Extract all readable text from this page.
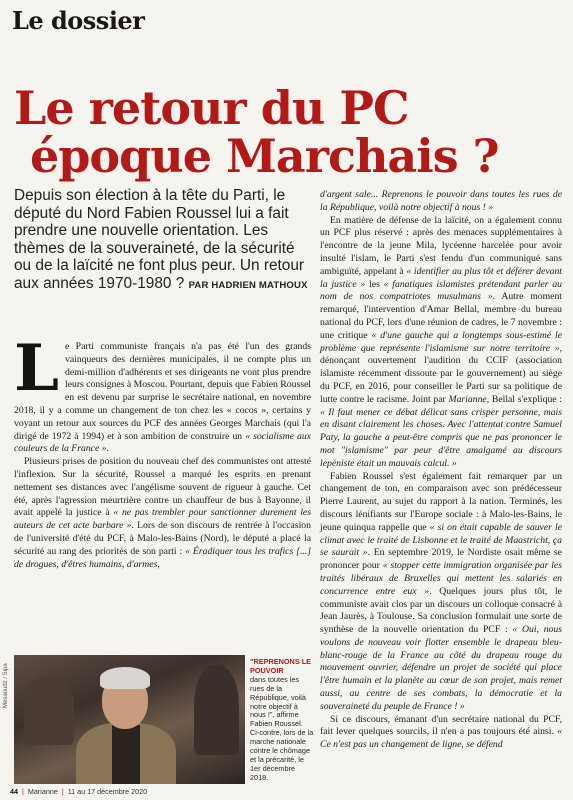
Le dossier
Le retour du PC
époque Marchais ?
Depuis son élection à la tête du Parti, le député du Nord Fabien Roussel lui a fait prendre une nouvelle orientation. Les thèmes de la souveraineté, de la sécurité ou de la laïcité ne font plus peur. Un retour aux années 1970-1980 ? PAR HADRIEN MATHOUX
L e Parti communiste français n'a pas été l'un des grands vainqueurs des dernières municipales, il ne compte plus un demi-million d'adhérents et ses dirigeants ne vont plus prendre leurs consignes à Moscou. Pourtant, depuis que Fabien Roussel en est devenu par surprise le secrétaire national, en novembre 2018, il y a comme un changement de ton chez les « cocos », certains y voyant un retour aux sources du PCF des années Georges Marchais (qui l'a dirigé de 1972 à 1994) et à son ambition de construire un « socialisme aux couleurs de la France ».

Plusieurs prises de position du nouveau chef des communistes ont attesté l'inflexion. Sur la sécurité, Roussel a marqué les esprits en prenant nettement ses distances avec l'angélisme souvent de rigueur à gauche. Cet été, après l'agression meurtrière contre un chauffeur de bus à Bayonne, il avait appelé la justice à « ne pas trembler pour sanctionner durement les auteurs de cet acte barbare ». Lors de son discours de rentrée à l'occasion de l'université d'été du PCF, à Malo-les-Bains (Nord), le député a placé la sécurité au rang des priorités de son parti : « Éradiquer tous les trafics [...] de drogues, d'êtres humains, d'armes,

d'argent sale... Reprenons le pouvoir dans toutes les rues de la République, voilà notre objectif à nous ! »

En matière de défense de la laïcité, on a également connu un PCF plus réservé : après des menaces supplémentaires à l'encontre de la jeune Mila, lycéenne harcelée pour avoir insulté l'islam, le Parti s'est fendu d'un communiqué sans ambiguïté, appelant à « identifier au plus tôt et déférer devant la justice » les « fanatiques islamistes prétendant parler au nom de nos compatriotes musulmans ». Autre moment remarqué, l'intervention d'Amar Bellal, membre du bureau national du PCF, lors d'une réunion de cadres, le 7 novembre : une critique « d'une gauche qui a longtemps sous-estimé le problème que représente l'islamisme sur notre territoire », dénonçant ouvertement l'audition du CCIF (association islamiste récemment dissoute par le gouvernement) au siège du PCF, en 2016, pour conseiller le Parti sur sa politique de lutte contre le racisme. Joint par Marianne, Bellal s'explique : « Il faut mener ce débat délicat sans crisper personne, mais en disant clairement les choses. Avec l'attentat contre Samuel Paty, la gauche a peut-être compris que ne pas prononcer le mot "islamisme" par peur d'être amalgamé au discours lepéniste était un mauvais calcul. »

Fabien Roussel s'est également fait remarquer par un changement de ton, en comparaison avec son prédécesseur Pierre Laurent, au sujet du rapport à la nation. Terminés, les discours lénifiants sur l'Europe sociale : à Malo-les-Bains, le jeune quinqua rappelle que « si on était capable de sauver le climat avec le traité de Lisbonne et le traité de Maastricht, ça se saurait ». En septembre 2019, le Nordiste osait même se prononcer pour « stopper cette immigration organisée par les traités libéraux de Bruxelles qui mettent les salariés en concurrence entre eux ». Quelques jours plus tôt, le communiste avait clos par un discours un colloque consacré à Jean Jaurès, à Toulouse. Sa conclusion formulait une sorte de synthèse de la nouvelle orientation du PCF : « Oui, nous voulons de nouveau voir flotter ensemble le drapeau bleu-blanc-rouge de la France au côté du drapeau rouge du mouvement ouvrier, défendre un projet de société qui place l'être humain et la planète au cœur de son projet, mais remet aussi, au centre de ses combats, la démocratie et la souveraineté du peuple de France ! »

Si ce discours, émanant d'un secrétaire national du PCF, fait lever quelques sourcils, il n'en a pas toujours été ainsi. « Ce n'est pas un changement de ligne, se défend

Mesaoudz / Sipa
"REPRENONS LE POUVOIR
dans toutes les rues de la République, voilà notre objectif à nous !", affirme Fabien Roussel. Ci-contre, lors de la marche nationale contre le chômage et la précarité, le 1er décembre 2018.
44 | Marianne | 11 au 17 décembre 2020
